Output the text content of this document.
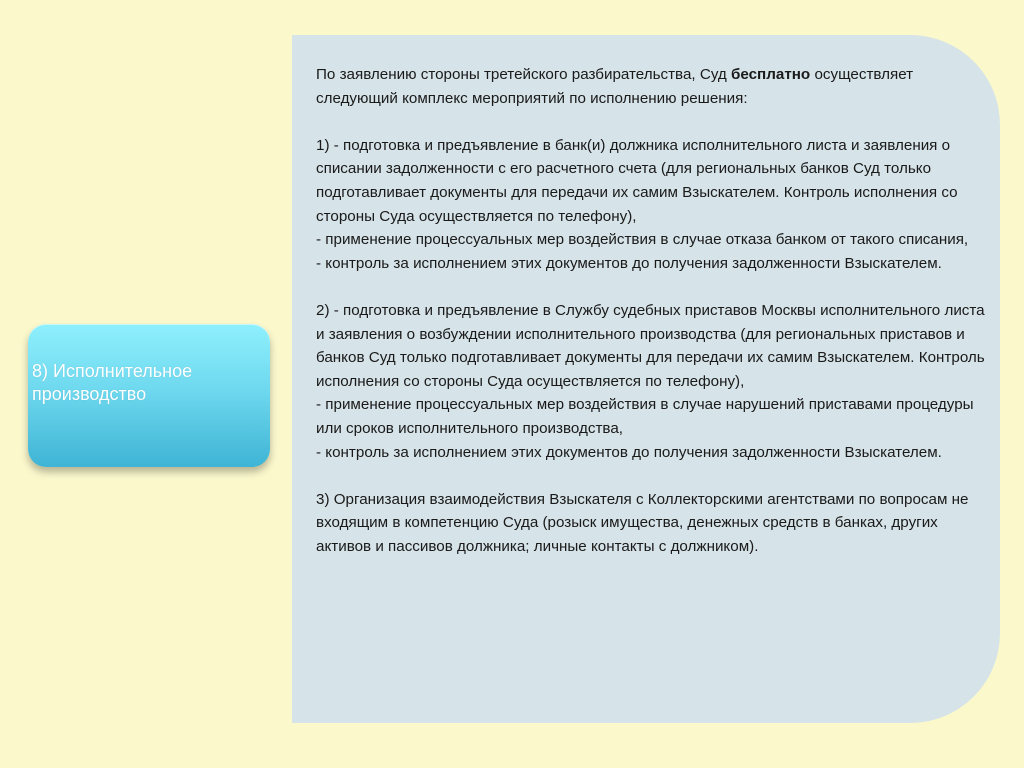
8) Исполнительное производство

По заявлению стороны третейского разбирательства, Суд бесплатно осуществляет следующий комплекс мероприятий по исполнению решения:

1) - подготовка и предъявление в банк(и) должника исполнительного листа и заявления о списании задолженности с его расчетного счета (для региональных банков Суд только подготавливает документы для передачи их самим Взыскателем. Контроль исполнения со стороны Суда осуществляется по телефону),

- применение процессуальных мер воздействия в случае отказа банком от такого списания,

- контроль за исполнением этих документов до получения задолженности Взыскателем.

2) - подготовка и предъявление в Службу судебных приставов Москвы исполнительного листа и заявления о возбуждении исполнительного производства (для региональных приставов и банков Суд только подготавливает документы для передачи их самим Взыскателем. Контроль исполнения со стороны Суда осуществляется по телефону),

- применение процессуальных мер воздействия в случае нарушений приставами процедуры или сроков исполнительного производства,

- контроль за исполнением этих документов до получения задолженности Взыскателем.

3) Организация взаимодействия Взыскателя с Коллекторскими агентствами по вопросам не входящим в компетенцию Суда (розыск имущества, денежных средств в банках, других активов и пассивов должника; личные контакты с должником).
